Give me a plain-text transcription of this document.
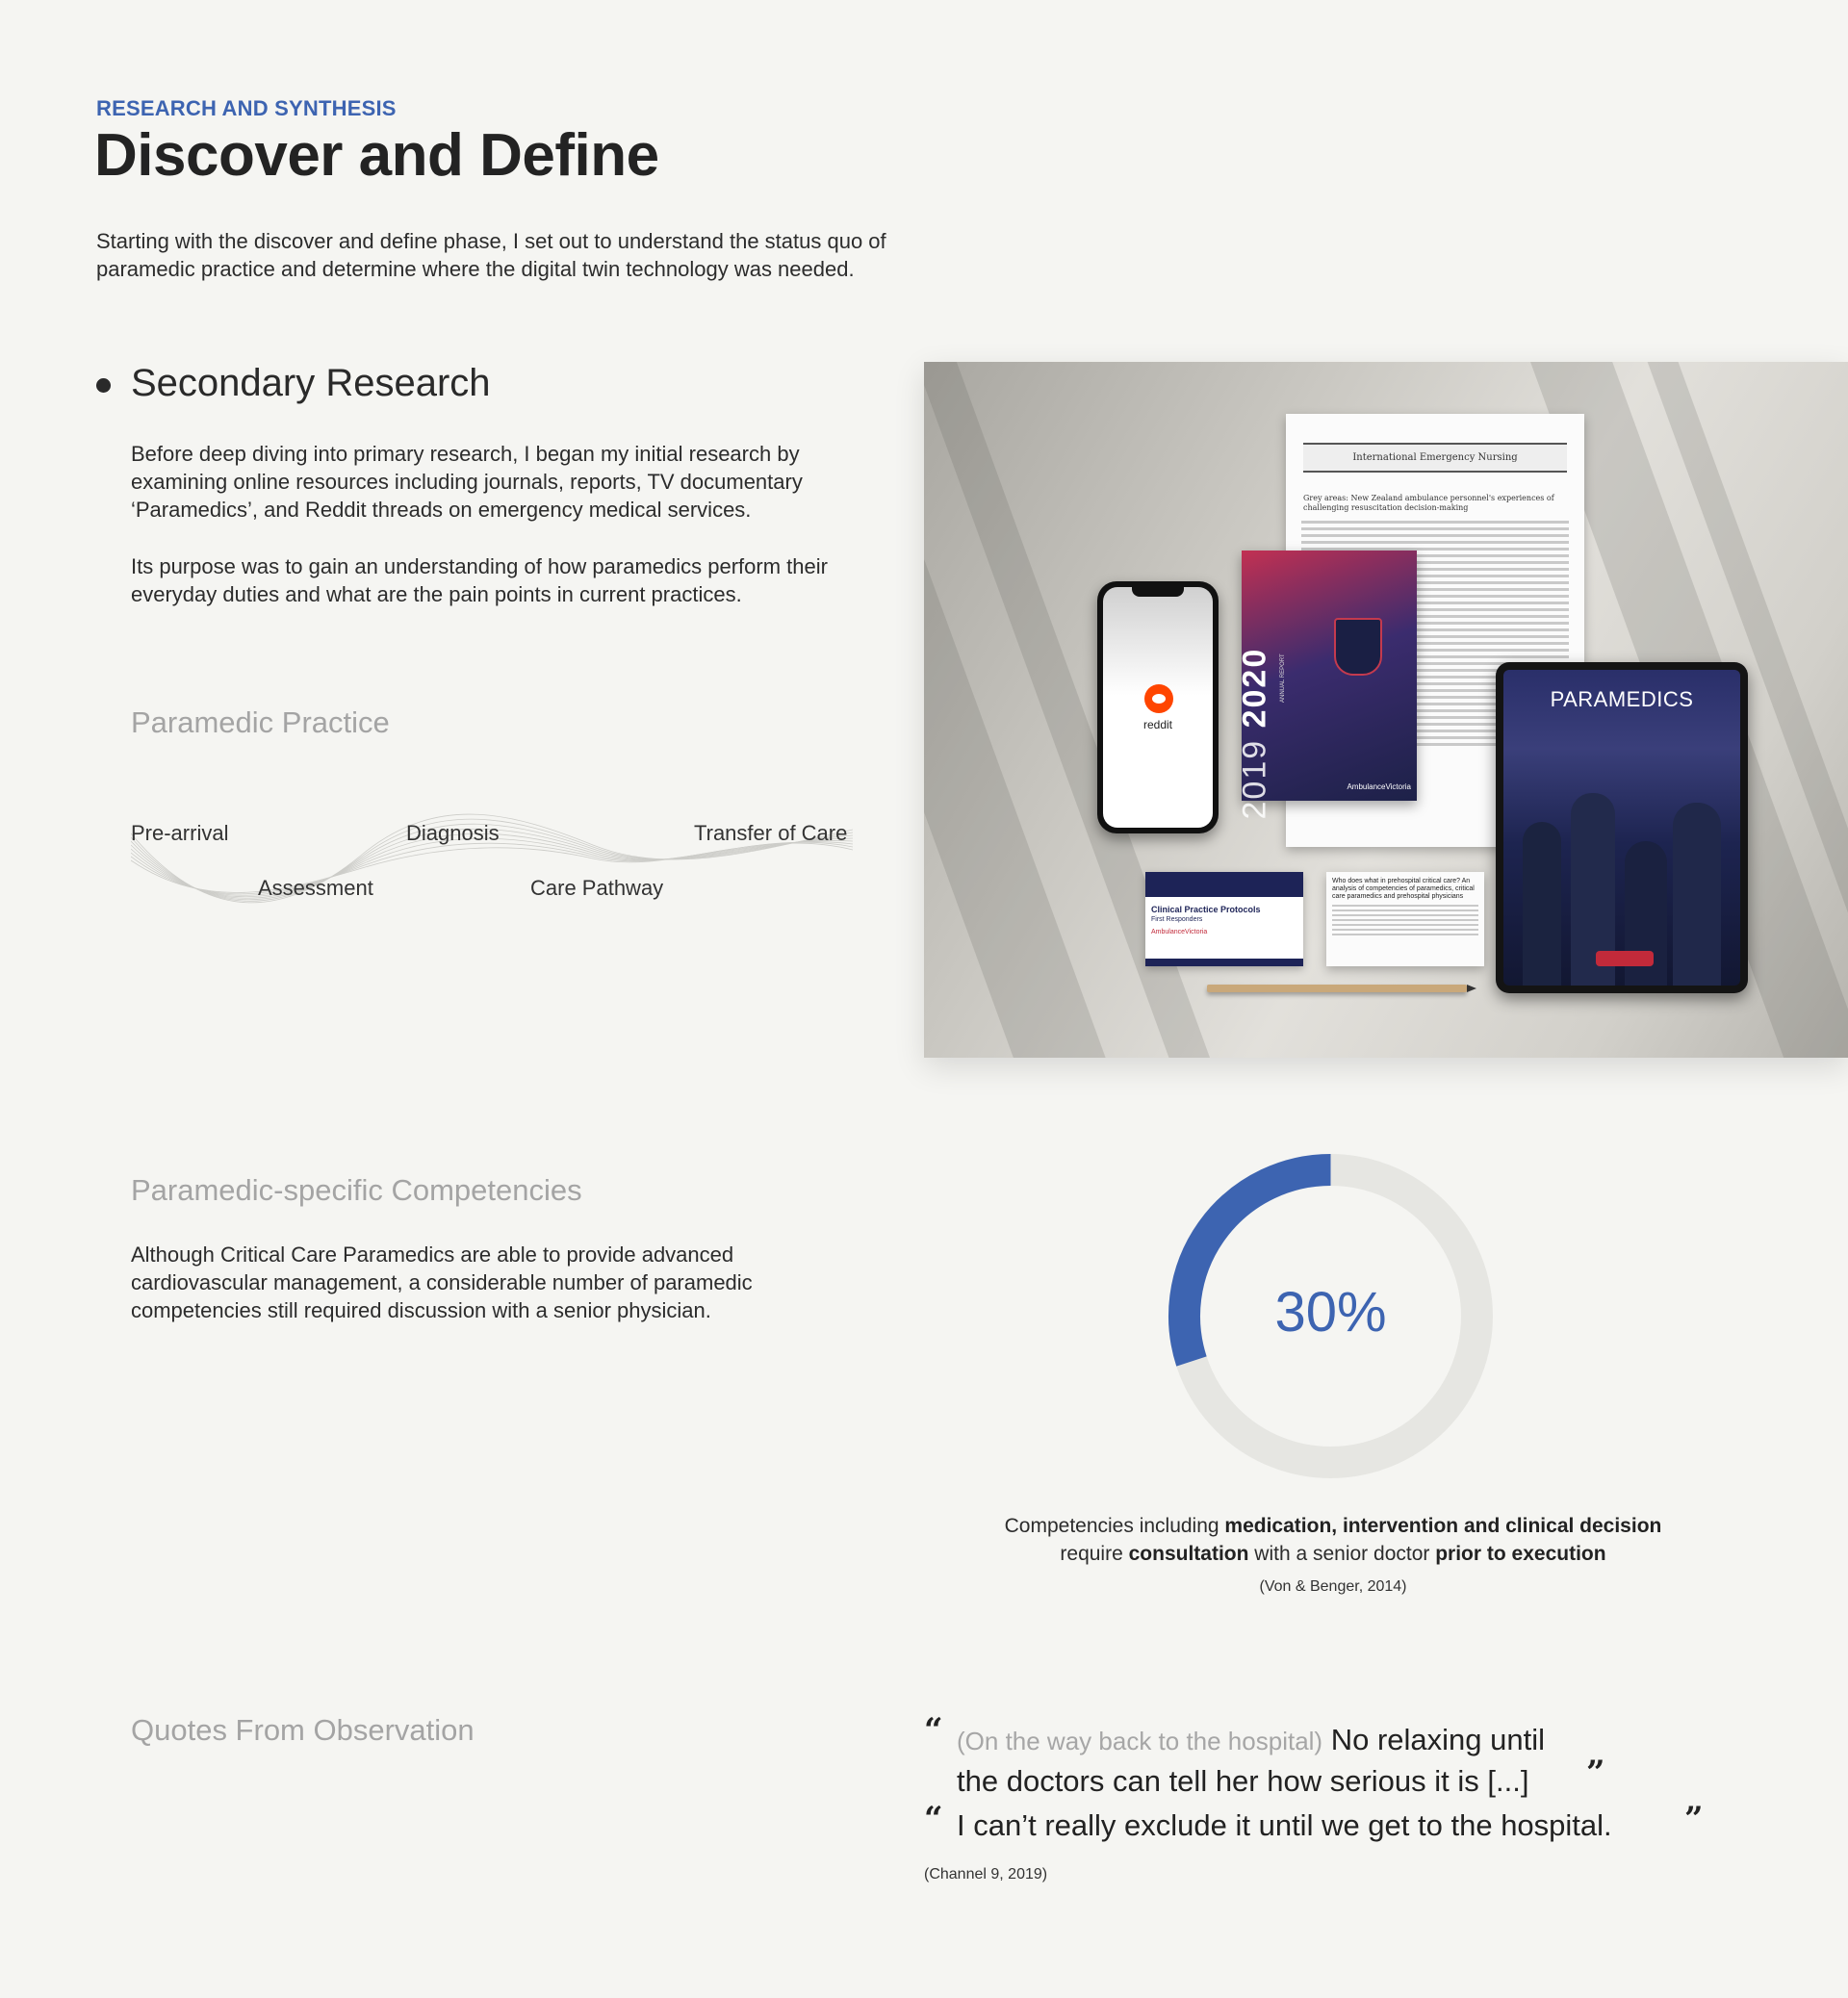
RESEARCH AND SYNTHESIS
Discover and Define
Starting with the discover and define phase, I set out to understand the status quo of
paramedic practice and determine where the digital twin technology was needed.
Secondary Research

Before deep diving into primary research, I began my initial research by examining online resources including journals, reports, TV documentary ‘Paramedics’, and Reddit threads on emergency medical services.

Its purpose was to gain an understanding of how paramedics perform their everyday duties and what are the pain points in current practices.

Paramedic Practice
Pre-arrival
Assessment
Diagnosis
Care Pathway
Transfer of Care
International Emergency Nursing
Grey areas: New Zealand ambulance personnel's experiences of challenging resuscitation decision-making
2019 2020 ANNUAL REPORT
AmbulanceVictoria
reddit
PARAMEDICS
Clinical Practice Protocols
First Responders
AmbulanceVictoria
Who does what in prehospital critical care? An analysis of competencies of paramedics, critical care paramedics and prehospital physicians
Paramedic-specific Competencies

Although Critical Care Paramedics are able to provide advanced cardiovascular management, a considerable number of paramedic competencies still required discussion with a senior physician.	30%
Competencies including medication, intervention and clinical decision
require consultation with a senior doctor prior to execution
(Von & Benger, 2014)
Quotes From Observation	“ (On the way back to the hospital) No relaxing until
the doctors can tell her how serious it is [...]	”
“ I can’t really exclude it until we get to the hospital. ”
(Channel 9, 2019)
